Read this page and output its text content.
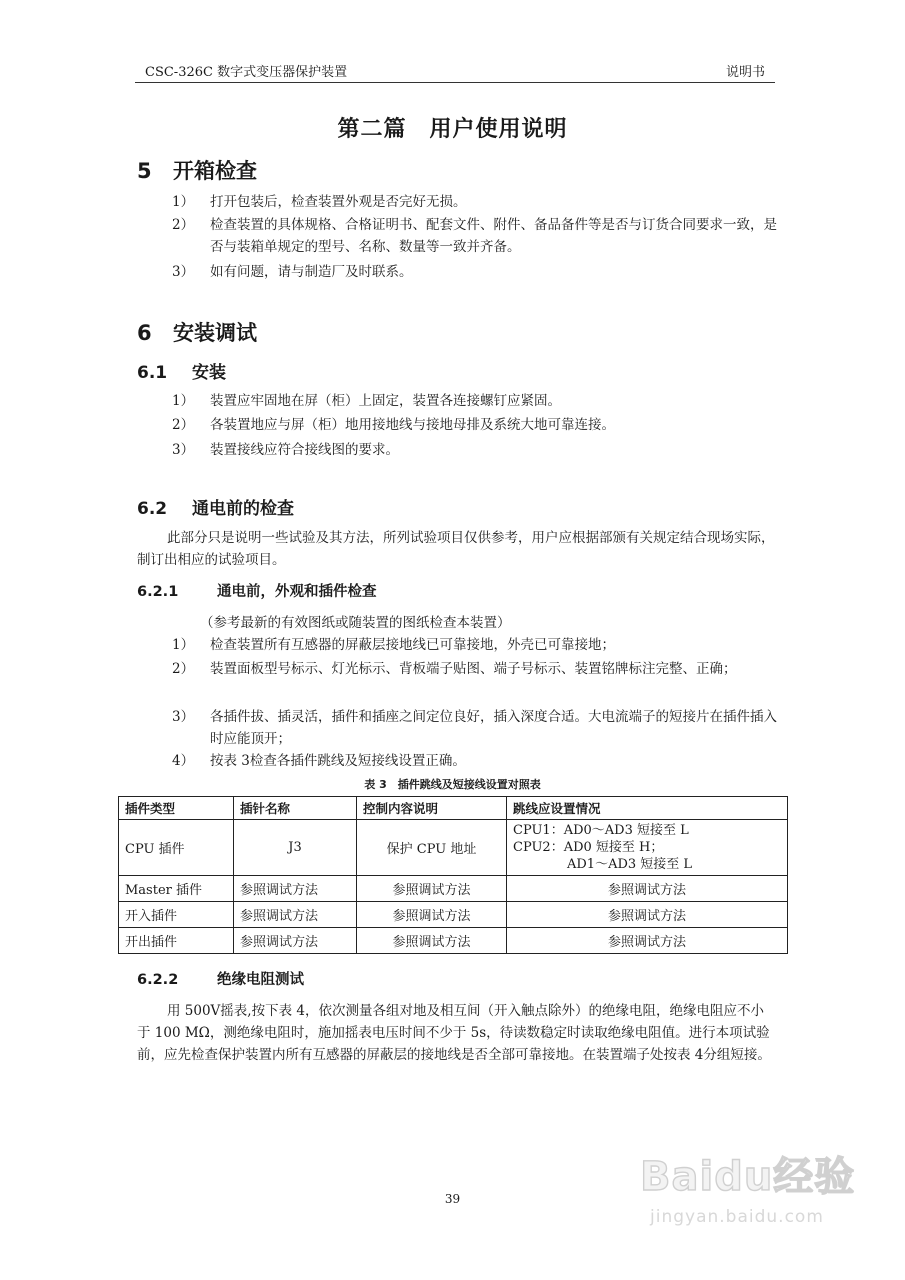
CSC-326C 数字式变压器保护装置	说明书
第二篇　用户使用说明
5 开箱检查
1） 打开包装后，检查装置外观是否完好无损。
2） 检查装置的具体规格、合格证明书、配套文件、附件、备品备件等是否与订货合同要求一致，是否与装箱单规定的型号、名称、数量等一致并齐备。
3） 如有问题，请与制造厂及时联系。
6 安装调试
6.1 安装
1） 装置应牢固地在屏（柜）上固定，装置各连接螺钉应紧固。
2） 各装置地应与屏（柜）地用接地线与接地母排及系统大地可靠连接。
3） 装置接线应符合接线图的要求。
6.2 通电前的检查
此部分只是说明一些试验及其方法，所列试验项目仅供参考，用户应根据部颁有关规定结合现场实际，制订出相应的试验项目。
6.2.1	通电前，外观和插件检查
（参考最新的有效图纸或随装置的图纸检查本装置）
1） 检查装置所有互感器的屏蔽层接地线已可靠接地，外壳已可靠接地；
2） 装置面板型号标示、灯光标示、背板端子贴图、端子号标示、装置铭牌标注完整、正确；
3） 各插件拔、插灵活，插件和插座之间定位良好，插入深度合适。大电流端子的短接片在插件插入时应能顶开；
4） 按表 3检查各插件跳线及短接线设置正确。
表 3　插件跳线及短接线设置对照表
插件类型	插针名称	控制内容说明	跳线应设置情况
CPU 插件	J3	保护 CPU 地址	CPU1：AD0～AD3 短接至 L
CPU2：AD0 短接至 H；
AD1～AD3 短接至 L

Master 插件	参照调试方法	参照调试方法	参照调试方法
开入插件	参照调试方法	参照调试方法	参照调试方法
开出插件	参照调试方法	参照调试方法	参照调试方法
6.2.2	绝缘电阻测试
用 500V摇表,按下表 4，依次测量各组对地及相互间（开入触点除外）的绝缘电阻，绝缘电阻应不小于 100 MΩ，测绝缘电阻时，施加摇表电压时间不少于 5s，待读数稳定时读取绝缘电阻值。进行本项试验前，应先检查保护装置内所有互感器的屏蔽层的接地线是否全部可靠接地。在装置端子处按表 4分组短接。
39	Baidu经验
jingyan.baidu.com
